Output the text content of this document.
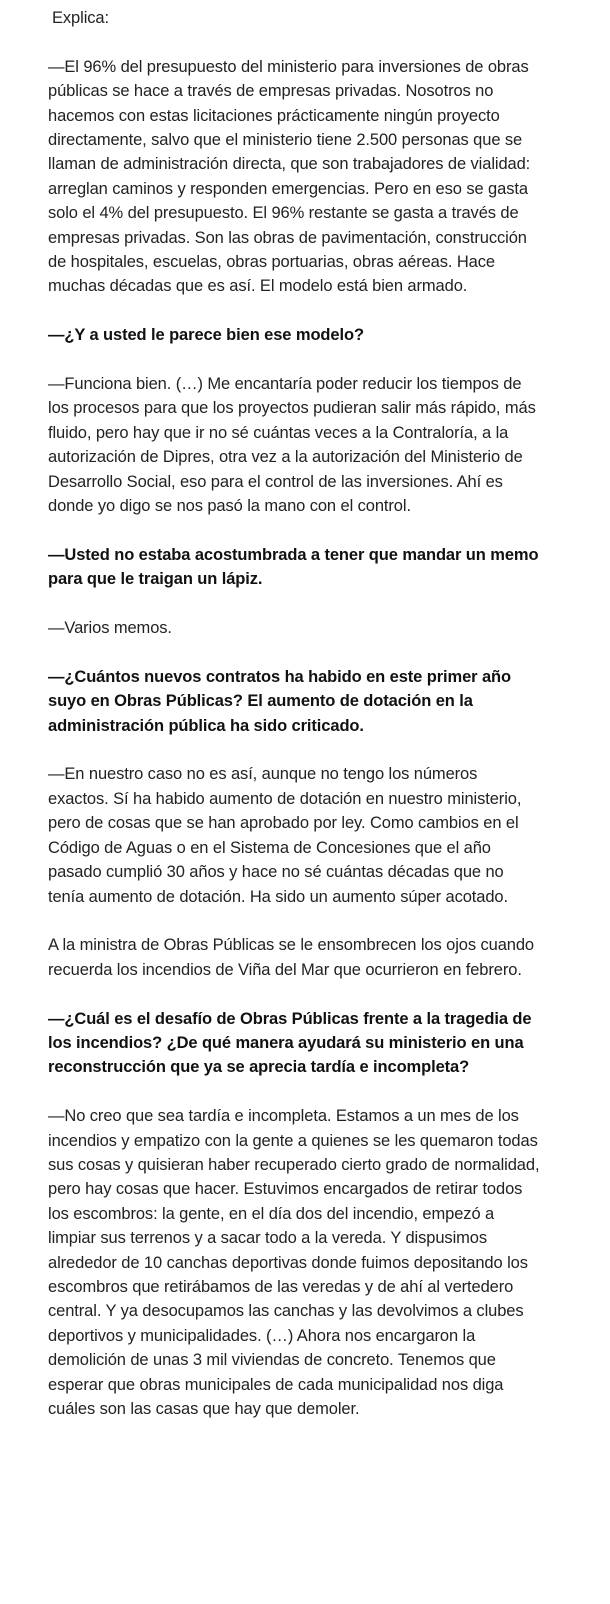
Explica:

—El 96% del presupuesto del ministerio para inversiones de obras públicas se hace a través de empresas privadas. Nosotros no hacemos con estas licitaciones prácticamente ningún proyecto directamente, salvo que el ministerio tiene 2.500 personas que se llaman de administración directa, que son trabajadores de vialidad: arreglan caminos y responden emergencias. Pero en eso se gasta solo el 4% del presupuesto. El 96% restante se gasta a través de empresas privadas. Son las obras de pavimentación, construcción de hospitales, escuelas, obras portuarias, obras aéreas. Hace muchas décadas que es así. El modelo está bien armado.

—¿Y a usted le parece bien ese modelo?

—Funciona bien. (…) Me encantaría poder reducir los tiempos de los procesos para que los proyectos pudieran salir más rápido, más fluido, pero hay que ir no sé cuántas veces a la Contraloría, a la autorización de Dipres, otra vez a la autorización del Ministerio de Desarrollo Social, eso para el control de las inversiones. Ahí es donde yo digo se nos pasó la mano con el control.

—Usted no estaba acostumbrada a tener que mandar un memo para que le traigan un lápiz.

—Varios memos.

—¿Cuántos nuevos contratos ha habido en este primer año suyo en Obras Públicas? El aumento de dotación en la administración pública ha sido criticado.

—En nuestro caso no es así, aunque no tengo los números exactos. Sí ha habido aumento de dotación en nuestro ministerio, pero de cosas que se han aprobado por ley. Como cambios en el Código de Aguas o en el Sistema de Concesiones que el año pasado cumplió 30 años y hace no sé cuántas décadas que no tenía aumento de dotación. Ha sido un aumento súper acotado.

A la ministra de Obras Públicas se le ensombrecen los ojos cuando recuerda los incendios de Viña del Mar que ocurrieron en febrero.

—¿Cuál es el desafío de Obras Públicas frente a la tragedia de los incendios? ¿De qué manera ayudará su ministerio en una reconstrucción que ya se aprecia tardía e incompleta?

—No creo que sea tardía e incompleta. Estamos a un mes de los incendios y empatizo con la gente a quienes se les quemaron todas sus cosas y quisieran haber recuperado cierto grado de normalidad, pero hay cosas que hacer. Estuvimos encargados de retirar todos los escombros: la gente, en el día dos del incendio, empezó a limpiar sus terrenos y a sacar todo a la vereda. Y dispusimos alrededor de 10 canchas deportivas donde fuimos depositando los escombros que retirábamos de las veredas y de ahí al vertedero central. Y ya desocupamos las canchas y las devolvimos a clubes deportivos y municipalidades. (…) Ahora nos encargaron la demolición de unas 3 mil viviendas de concreto. Tenemos que esperar que obras municipales de cada municipalidad nos diga cuáles son las casas que hay que demoler.
